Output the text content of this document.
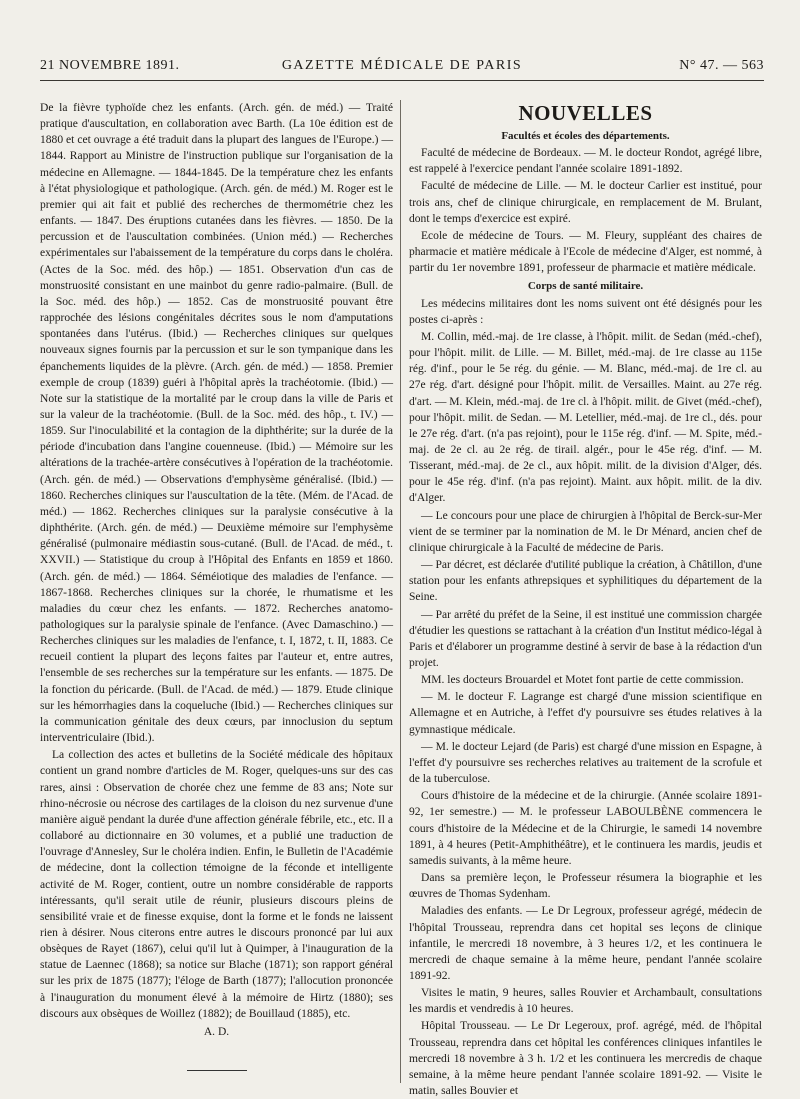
21 NOVEMBRE 1891.	GAZETTE MÉDICALE DE PARIS	N° 47. — 563

De la fièvre typhoïde chez les enfants. (Arch. gén. de méd.) — Traité pratique d'auscultation, en collaboration avec Barth. (La 10e édition est de 1880 et cet ouvrage a été traduit dans la plupart des langues de l'Europe.) — 1844. Rapport au Ministre de l'instruction publique sur l'organisation de la médecine en Allemagne. — 1844-1845. De la température chez les enfants à l'état physiologique et pathologique. (Arch. gén. de méd.) M. Roger est le premier qui ait fait et publié des recherches de thermométrie chez les enfants. — 1847. Des éruptions cutanées dans les fièvres. — 1850. De la percussion et de l'auscultation combinées. (Union méd.) — Recherches expérimentales sur l'abaissement de la température du corps dans le choléra. (Actes de la Soc. méd. des hôp.) — 1851. Observation d'un cas de monstruosité consistant en une mainbot du genre radio-palmaire. (Bull. de la Soc. méd. des hôp.) — 1852. Cas de monstruosité pouvant être rapprochée des lésions congénitales décrites sous le nom d'amputations spontanées dans l'utérus. (Ibid.) — Recherches cliniques sur quelques nouveaux signes fournis par la percussion et sur le son tympanique dans les épanchements liquides de la plèvre. (Arch. gén. de méd.) — 1858. Premier exemple de croup (1839) guéri à l'hôpital après la trachéotomie. (Ibid.) — Note sur la statistique de la mortalité par le croup dans la ville de Paris et sur la valeur de la trachéotomie. (Bull. de la Soc. méd. des hôp., t. IV.) — 1859. Sur l'inoculabilité et la contagion de la diphthérite; sur la durée de la période d'incubation dans l'angine couenneuse. (Ibid.) — Mémoire sur les altérations de la trachée-artère consécutives à l'opération de la trachéotomie. (Arch. gén. de méd.) — Observations d'emphysème généralisé. (Ibid.) — 1860. Recherches cliniques sur l'auscultation de la tête. (Mém. de l'Acad. de méd.) — 1862. Recherches cliniques sur la paralysie consécutive à la diphthérite. (Arch. gén. de méd.) — Deuxième mémoire sur l'emphysème généralisé (pulmonaire médiastin sous-cutané. (Bull. de l'Acad. de méd., t. XXVII.) — Statistique du croup à l'Hôpital des Enfants en 1859 et 1860. (Arch. gén. de méd.) — 1864. Séméiotique des maladies de l'enfance. — 1867-1868. Recherches cliniques sur la chorée, le rhumatisme et les maladies du cœur chez les enfants. — 1872. Recherches anatomo-pathologiques sur la paralysie spinale de l'enfance. (Avec Damaschino.) — Recherches cliniques sur les maladies de l'enfance, t. I, 1872, t. II, 1883. Ce recueil contient la plupart des leçons faites par l'auteur et, entre autres, l'ensemble de ses recherches sur la température sur les enfants. — 1875. De la fonction du péricarde. (Bull. de l'Acad. de méd.) — 1879. Etude clinique sur les hémorrhagies dans la coqueluche (Ibid.) — Recherches cliniques sur la communication génitale des deux cœurs, par innoclusion du septum interventriculaire (Ibid.).

La collection des actes et bulletins de la Société médicale des hôpitaux contient un grand nombre d'articles de M. Roger, quelques-uns sur des cas rares, ainsi : Observation de chorée chez une femme de 83 ans; Note sur rhino-nécrosie ou nécrose des cartilages de la cloison du nez survenue d'une manière aiguë pendant la durée d'une affection générale fébrile, etc., etc. Il a collaboré au dictionnaire en 30 volumes, et a publié une traduction de l'ouvrage d'Annesley, Sur le choléra indien. Enfin, le Bulletin de l'Académie de médecine, dont la collection témoigne de la féconde et intelligente activité de M. Roger, contient, outre un nombre considérable de rapports intéressants, qu'il serait utile de réunir, plusieurs discours pleins de sensibilité vraie et de finesse exquise, dont la forme et le fonds ne laissent rien à désirer. Nous citerons entre autres le discours prononcé par lui aux obsèques de Rayet (1867), celui qu'il lut à Quimper, à l'inauguration de la statue de Laennec (1868); sa notice sur Blache (1871); son rapport général sur les prix de 1875 (1877); l'éloge de Barth (1877); l'allocution prononcée à l'inauguration du monument élevé à la mémoire de Hirtz (1880); ses discours aux obsèques de Woillez (1882); de Bouillaud (1885), etc.

A. D.
NOUVELLES
Facultés et écoles des départements.

Faculté de médecine de Bordeaux. — M. le docteur Rondot, agrégé libre, est rappelé à l'exercice pendant l'année scolaire 1891-1892.

Faculté de médecine de Lille. — M. le docteur Carlier est institué, pour trois ans, chef de clinique chirurgicale, en remplacement de M. Brulant, dont le temps d'exercice est expiré.

Ecole de médecine de Tours. — M. Fleury, suppléant des chaires de pharmacie et matière médicale à l'Ecole de médecine d'Alger, est nommé, à partir du 1er novembre 1891, professeur de pharmacie et matière médicale.

Corps de santé militaire.

Les médecins militaires dont les noms suivent ont été désignés pour les postes ci-après :

M. Collin, méd.-maj. de 1re classe, à l'hôpit. milit. de Sedan (méd.-chef), pour l'hôpit. milit. de Lille. — M. Billet, méd.-maj. de 1re classe au 115e rég. d'inf., pour le 5e rég. du génie. — M. Blanc, méd.-maj. de 1re cl. au 27e rég. d'art. désigné pour l'hôpit. milit. de Versailles. Maint. au 27e rég. d'art. — M. Klein, méd.-maj. de 1re cl. à l'hôpit. milit. de Givet (méd.-chef), pour l'hôpit. milit. de Sedan. — M. Letellier, méd.-maj. de 1re cl., dés. pour le 27e rég. d'art. (n'a pas rejoint), pour le 115e rég. d'inf. — M. Spite, méd.-maj. de 2e cl. au 2e rég. de tirail. algér., pour le 45e rég. d'inf. — M. Tisserant, méd.-maj. de 2e cl., aux hôpit. milit. de la division d'Alger, dés. pour le 45e rég. d'inf. (n'a pas rejoint). Maint. aux hôpit. milit. de la div. d'Alger.

— Le concours pour une place de chirurgien à l'hôpital de Berck-sur-Mer vient de se terminer par la nomination de M. le Dr Ménard, ancien chef de clinique chirurgicale à la Faculté de médecine de Paris.

— Par décret, est déclarée d'utilité publique la création, à Châtillon, d'une station pour les enfants athrepsiques et syphilitiques du département de la Seine.

— Par arrêté du préfet de la Seine, il est institué une commission chargée d'étudier les questions se rattachant à la création d'un Institut médico-légal à Paris et d'élaborer un programme destiné à servir de base à la rédaction d'un projet.

MM. les docteurs Brouardel et Motet font partie de cette commission.

— M. le docteur F. Lagrange est chargé d'une mission scientifique en Allemagne et en Autriche, à l'effet d'y poursuivre ses études relatives à la gymnastique médicale.

— M. le docteur Lejard (de Paris) est chargé d'une mission en Espagne, à l'effet d'y poursuivre ses recherches relatives au traitement de la scrofule et de la tuberculose.

Cours d'histoire de la médecine et de la chirurgie. (Année scolaire 1891-92, 1er semestre.) — M. le professeur LABOULBÈNE commencera le cours d'histoire de la Médecine et de la Chirurgie, le samedi 14 novembre 1891, à 4 heures (Petit-Amphithéâtre), et le continuera les mardis, jeudis et samedis suivants, à la même heure.

Dans sa première leçon, le Professeur résumera la biographie et les œuvres de Thomas Sydenham.

Maladies des enfants. — Le Dr Legroux, professeur agrégé, médecin de l'hôpital Trousseau, reprendra dans cet hopital ses leçons de clinique infantile, le mercredi 18 novembre, à 3 heures 1/2, et les continuera le mercredi de chaque semaine à la même heure, pendant l'année scolaire 1891-92.

Visites le matin, 9 heures, salles Rouvier et Archambault, consultations les mardis et vendredis à 10 heures.

Hôpital Trousseau. — Le Dr Legeroux, prof. agrégé, méd. de l'hôpital Trousseau, reprendra dans cet hôpital les conférences cliniques infantiles le mercredi 18 novembre à 3 h. 1/2 et les continuera les mercredis de chaque semaine, à la même heure pendant l'année scolaire 1891-92. — Visite le matin, salles Bouvier et
